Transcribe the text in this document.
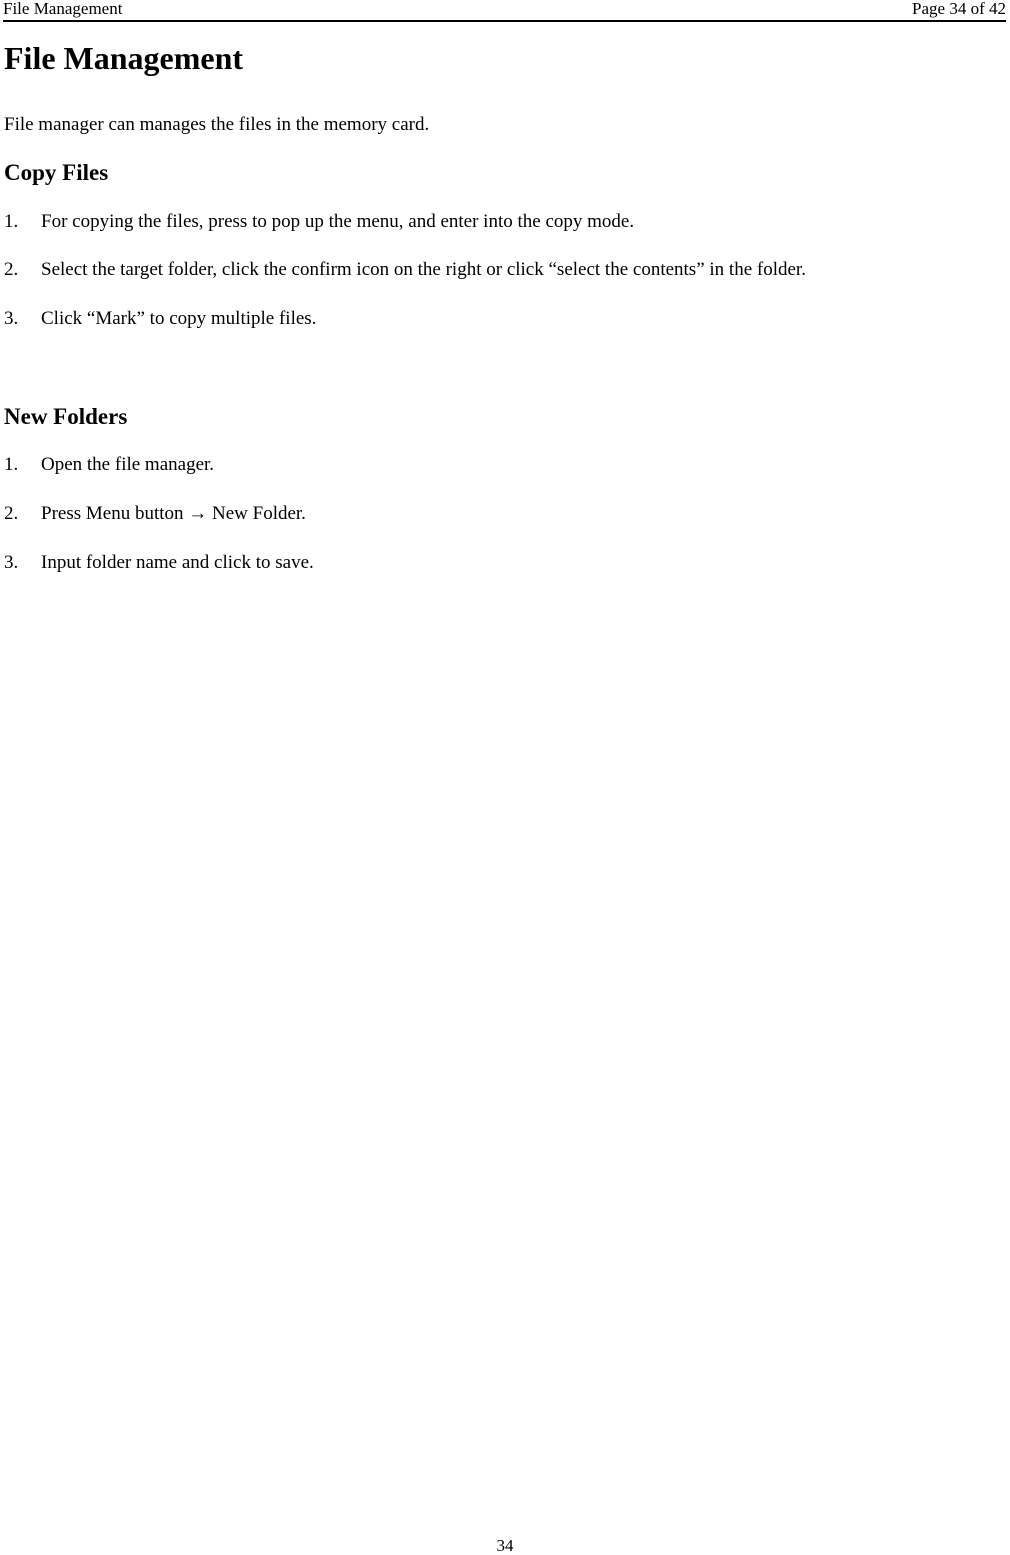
File Management	Page 34 of 42
File Management

File manager can manages the files in the memory card.

Copy Files
1. For copying the files, press to pop up the menu, and enter into the copy mode.
2. Select the target folder, click the confirm icon on the right or click “select the contents” in the folder.
3. Click “Mark” to copy multiple files.
New Folders
1. Open the file manager.
2. Press Menu button → New Folder.
3. Input folder name and click to save.
34
